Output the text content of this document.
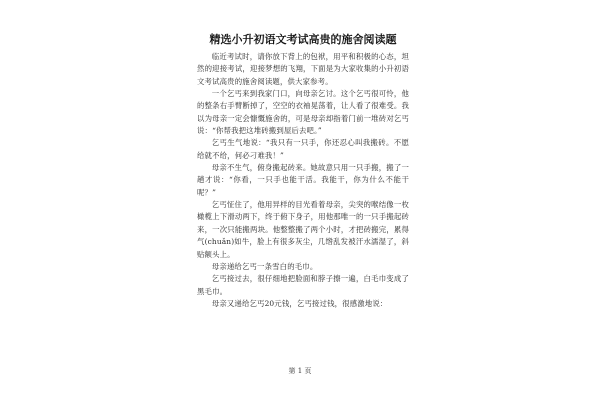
精选小升初语文考试高贵的施舍阅读题

临近考试时，请你放下背上的包袱，用平和积极的心态，坦然的迎接考试，迎接梦想的飞翔，下面是为大家收集的小升初语文考试高贵的施舍阅读题，供大家参考。

一个乞丐来到我家门口，向母亲乞讨。这个乞丐很可怜，他的整条右手臂断掉了，空空的衣袖晃荡着，让人看了很难受。我以为母亲一定会慷慨施舍的，可是母亲却指着门前一堆砖对乞丐说：“你帮我把这堆砖搬到屋后去吧。”

乞丐生气地说：“我只有一只手，你还忍心叫我搬砖。不愿给就不给，何必刁难我！”

母亲不生气，俯身搬起砖来。她故意只用一只手搬，搬了一趟才说：“你看，一只手也能干活。我能干，你为什么不能干呢？”

乞丐怔住了，他用异样的目光看着母亲，尖突的喉结像一枚橄榄上下滑动两下，终于俯下身子，用他那唯一的一只手搬起砖来，一次只能搬两块。他整整搬了两个小时，才把砖搬完，累得气(chuǎn)如牛，脸上有很多灰尘，几绺乱发被汗水濡湿了，斜贴额头上。

母亲递给乞丐一条雪白的毛巾。

乞丐接过去，很仔细地把脸面和脖子擦一遍，白毛巾变成了黑毛巾。

母亲又递给乞丐20元钱，乞丐接过钱，很感激地说：

第 1 页
